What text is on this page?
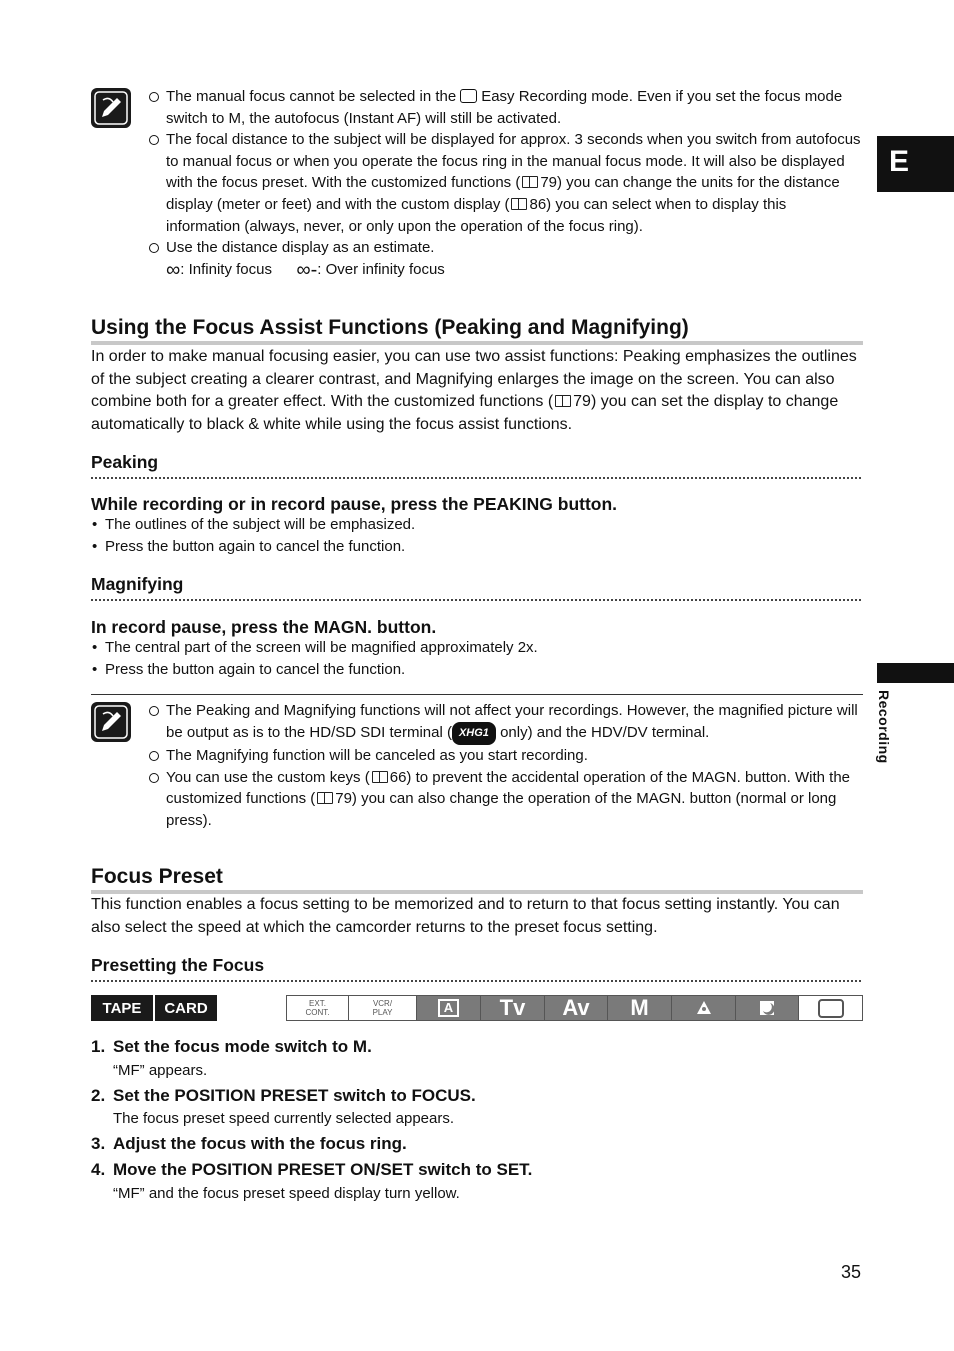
E
Recording
The manual focus cannot be selected in the Easy Recording mode. Even if you set the focus mode switch to M, the autofocus (Instant AF) will still be activated.
The focal distance to the subject will be displayed for approx. 3 seconds when you switch from autofocus to manual focus or when you operate the focus ring in the manual focus mode. It will also be displayed with the focus preset. With the customized functions ( 79) you can change the units for the distance display (meter or feet) and with the custom display ( 86) you can select when to display this information (always, never, or only upon the operation of the focus ring).
Use the distance display as an estimate.
∞: Infinity focus ∞-: Over infinity focus
Using the Focus Assist Functions (Peaking and Magnifying)
In order to make manual focusing easier, you can use two assist functions: Peaking emphasizes the outlines of the subject creating a clearer contrast, and Magnifying enlarges the image on the screen. You can also combine both for a greater effect. With the customized functions ( 79) you can set the display to change automatically to black & white while using the focus assist functions.
Peaking
While recording or in record pause, press the PEAKING button.
• The outlines of the subject will be emphasized.
• Press the button again to cancel the function.
Magnifying
In record pause, press the MAGN. button.
• The central part of the screen will be magnified approximately 2x.
• Press the button again to cancel the function.
The Peaking and Magnifying functions will not affect your recordings. However, the magnified picture will be output as is to the HD/SD SDI terminal ( XHG1 only) and the HDV/DV terminal.
The Magnifying function will be canceled as you start recording.
You can use the custom keys ( 66) to prevent the accidental operation of the MAGN. button. With the customized functions ( 79) you can also change the operation of the MAGN. button (normal or long press).
Focus Preset
This function enables a focus setting to be memorized and to return to that focus setting instantly. You can also select the speed at which the camcorder returns to the preset focus setting.
Presetting the Focus
TAPE	CARD	EXT.
CONT.
VCR/
PLAY	A	Tv	Av	M
1. Set the focus mode switch to M.
“MF” appears.
2. Set the POSITION PRESET switch to FOCUS.
The focus preset speed currently selected appears.
3. Adjust the focus with the focus ring.
4. Move the POSITION PRESET ON/SET switch to SET.
“MF” and the focus preset speed display turn yellow.
35
